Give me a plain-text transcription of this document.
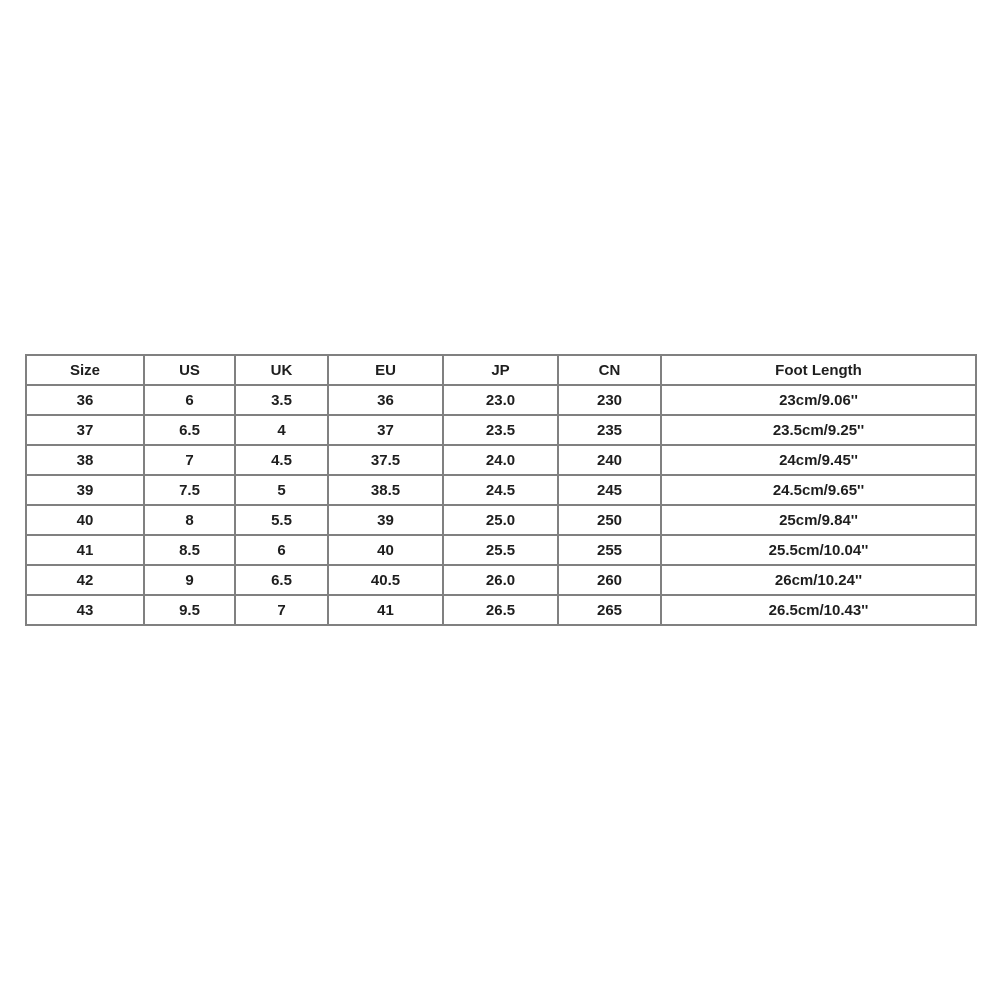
Size	US	UK	EU	JP	CN	Foot Length
36	6	3.5	36	23.0	230	23cm/9.06''
37	6.5	4	37	23.5	235	23.5cm/9.25''
38	7	4.5	37.5	24.0	240	24cm/9.45''
39	7.5	5	38.5	24.5	245	24.5cm/9.65''
40	8	5.5	39	25.0	250	25cm/9.84''
41	8.5	6	40	25.5	255	25.5cm/10.04''
42	9	6.5	40.5	26.0	260	26cm/10.24''
43	9.5	7	41	26.5	265	26.5cm/10.43''
